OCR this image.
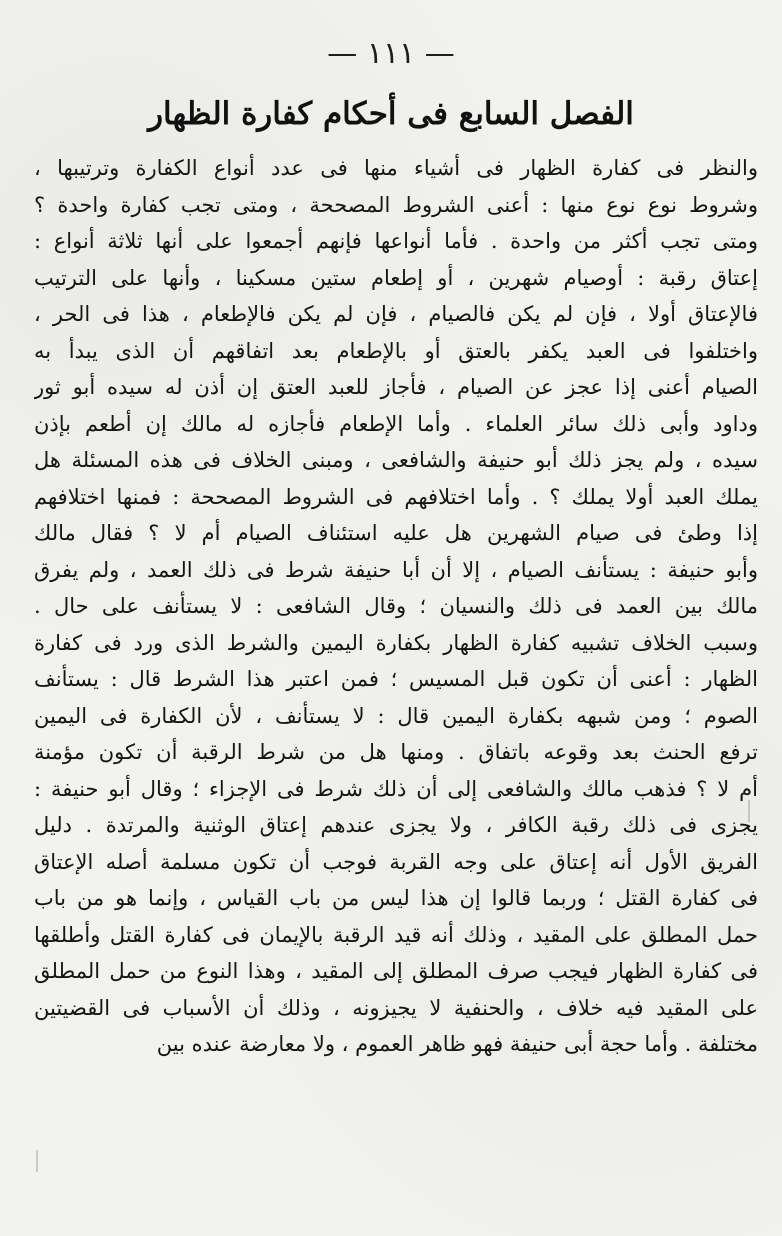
— ١١١ —
الفصل السابع فى أحكام كفارة الظهار
والنظر فى كفارة الظهار فى أشياء منها فى عدد أنواع الكفارة وترتيبها ،
وشروط نوع نوع منها : أعنى الشروط المصححة ، ومتى تجب كفارة واحدة ؟
ومتى تجب أكثر من واحدة . فأما أنواعها فإنهم أجمعوا على أنها ثلاثة أنواع :
إعتاق رقبة : أوصيام شهرين ، أو إطعام ستين مسكينا ، وأنها على الترتيب
فالإعتاق أولا ، فإن لم يكن فالصيام ، فإن لم يكن فالإطعام ، هذا فى الحر ،
واختلفوا فى العبد يكفر بالعتق أو بالإطعام بعد اتفاقهم أن الذى يبدأ به
الصيام أعنى إذا عجز عن الصيام ، فأجاز للعبد العتق إن أذن له سيده أبو ثور
وداود وأبى ذلك سائر العلماء . وأما الإطعام فأجازه له مالك إن أطعم بإذن
سيده ، ولم يجز ذلك أبو حنيفة والشافعى ، ومبنى الخلاف فى هذه المسئلة هل
يملك العبد أولا يملك ؟ . وأما اختلافهم فى الشروط المصححة : فمنها اختلافهم
إذا وطئ فى صيام الشهرين هل عليه استئناف الصيام أم لا ؟ فقال مالك
وأبو حنيفة : يستأنف الصيام ، إلا أن أبا حنيفة شرط فى ذلك العمد ، ولم يفرق
مالك بين العمد فى ذلك والنسيان ؛ وقال الشافعى : لا يستأنف على حال .
وسبب الخلاف تشبيه كفارة الظهار بكفارة اليمين والشرط الذى ورد فى كفارة
الظهار : أعنى أن تكون قبل المسيس ؛ فمن اعتبر هذا الشرط قال : يستأنف
الصوم ؛ ومن شبهه بكفارة اليمين قال : لا يستأنف ، لأن الكفارة فى اليمين
ترفع الحنث بعد وقوعه باتفاق . ومنها هل من شرط الرقبة أن تكون مؤمنة
أم لا ؟ فذهب مالك والشافعى إلى أن ذلك شرط فى الإجزاء ؛ وقال أبو حنيفة :
يجزى فى ذلك رقبة الكافر ، ولا يجزى عندهم إعتاق الوثنية والمرتدة . دليل
الفريق الأول أنه إعتاق على وجه القربة فوجب أن تكون مسلمة أصله الإعتاق
فى كفارة القتل ؛ وربما قالوا إن هذا ليس من باب القياس ، وإنما هو من باب
حمل المطلق على المقيد ، وذلك أنه قيد الرقبة بالإيمان فى كفارة القتل وأطلقها
فى كفارة الظهار فيجب صرف المطلق إلى المقيد ، وهذا النوع من حمل المطلق
على المقيد فيه خلاف ، والحنفية لا يجيزونه ، وذلك أن الأسباب فى القضيتين
مختلفة . وأما حجة أبى حنيفة فهو ظاهر العموم ، ولا معارضة عنده بين
